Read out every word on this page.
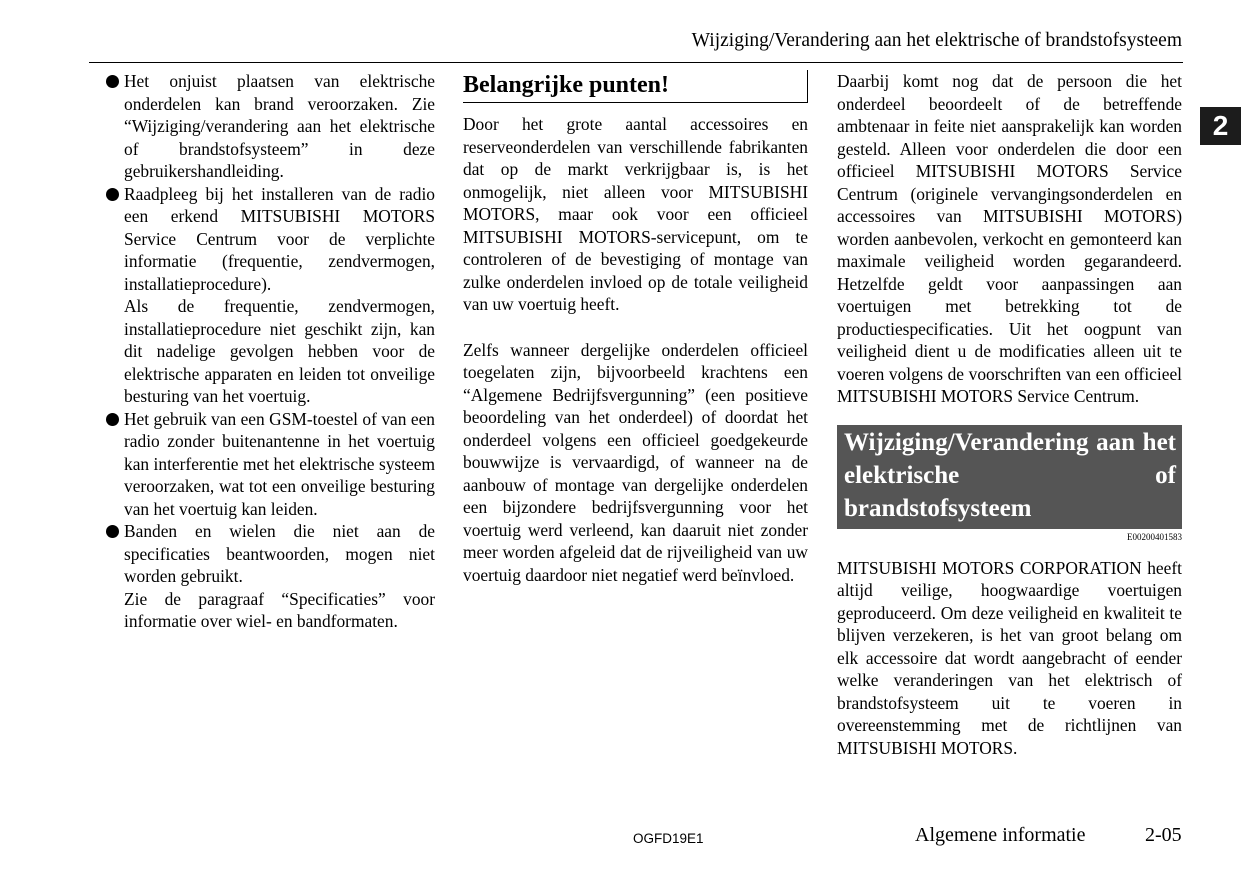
Wijziging/Verandering aan het elektrische of brandstofsysteem
2
Het onjuist plaatsen van elektrische onderdelen kan brand veroorzaken. Zie “Wijziging/verandering aan het elektrische of brandstofsysteem” in deze gebruikershandleiding.
Raadpleeg bij het installeren van de radio een erkend MITSUBISHI MOTORS Service Centrum voor de verplichte informatie (frequentie, zendvermogen, installatieprocedure).

Als de frequentie, zendvermogen, installatieprocedure niet geschikt zijn, kan dit nadelige gevolgen hebben voor de elektrische apparaten en leiden tot onveilige besturing van het voertuig.

Het gebruik van een GSM-toestel of van een radio zonder buitenantenne in het voertuig kan interferentie met het elektrische systeem veroorzaken, wat tot een onveilige besturing van het voertuig kan leiden.
Banden en wielen die niet aan de specificaties beantwoorden, mogen niet worden gebruikt.

Zie de paragraaf “Specificaties” voor informatie over wiel- en bandformaten.

Belangrijke punten!

Door het grote aantal accessoires en reserveonderdelen van verschillende fabrikanten dat op de markt verkrijgbaar is, is het onmogelijk, niet alleen voor MITSUBISHI MOTORS, maar ook voor een officieel MITSUBISHI MOTORS-servicepunt, om te controleren of de bevestiging of montage van zulke onderdelen invloed op de totale veiligheid van uw voertuig heeft.

Zelfs wanneer dergelijke onderdelen officieel toegelaten zijn, bijvoorbeeld krachtens een “Algemene Bedrijfsvergunning” (een positieve beoordeling van het onderdeel) of doordat het onderdeel volgens een officieel goedgekeurde bouwwijze is vervaardigd, of wanneer na de aanbouw of montage van dergelijke onderdelen een bijzondere bedrijfsvergunning voor het voertuig werd verleend, kan daaruit niet zonder meer worden afgeleid dat de rijveiligheid van uw voertuig daardoor niet negatief werd beïnvloed.

Daarbij komt nog dat de persoon die het onderdeel beoordeelt of de betreffende ambtenaar in feite niet aansprakelijk kan worden gesteld. Alleen voor onderdelen die door een officieel MITSUBISHI MOTORS Service Centrum (originele vervangingsonderdelen en accessoires van MITSUBISHI MOTORS) worden aanbevolen, verkocht en gemonteerd kan maximale veiligheid worden gegarandeerd. Hetzelfde geldt voor aanpassingen aan voertuigen met betrekking tot de productiespecificaties. Uit het oogpunt van veiligheid dient u de modificaties alleen uit te voeren volgens de voorschriften van een officieel MITSUBISHI MOTORS Service Centrum.

Wijziging/Verandering aan het elektrische of brandstofsysteem
E00200401583

MITSUBISHI MOTORS CORPORATION heeft altijd veilige, hoogwaardige voertuigen geproduceerd. Om deze veiligheid en kwaliteit te blijven verzekeren, is het van groot belang om elk accessoire dat wordt aangebracht of eender welke veranderingen van het elektrisch of brandstofsysteem uit te voeren in overeenstemming met de richtlijnen van MITSUBISHI MOTORS.

OGFD19E1	Algemene informatie	2-05
